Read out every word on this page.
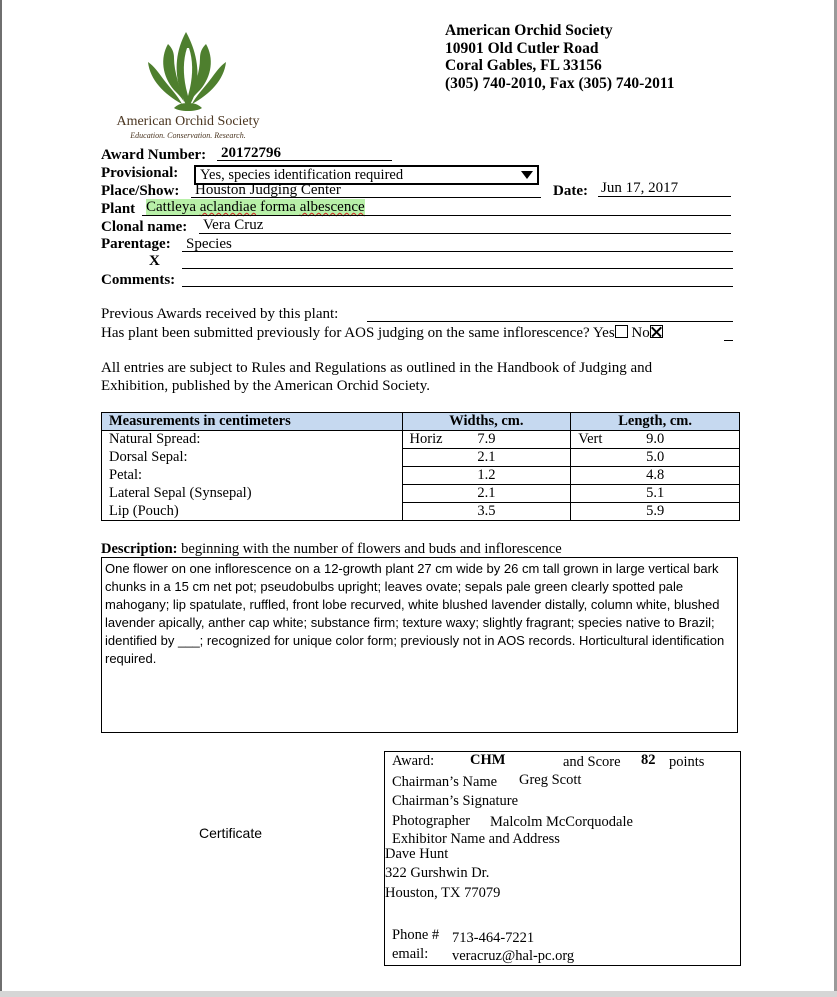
American Orchid Society
Education. Conservation. Research.
American Orchid Society
10901 Old Cutler Road
Coral Gables, FL 33156
(305) 740-2010, Fax (305) 740-2011
Award Number: 20172796
Provisional:	Yes, species identification required
Place/Show: Houston Judging Center	Date: Jun 17, 2017
Plant Cattleya aclandiae forma albescence
Clonal name: Vera Cruz
Parentage: Species
X
Comments:
Previous Awards received by this plant:
Has plant been submitted previously for AOS judging on the same inflorescence? Yes No
All entries are subject to Rules and Regulations as outlined in the Handbook of Judging and
Exhibition, published by the American Orchid Society.
Measurements in centimeters	Widths, cm.	Length, cm.
Natural Spread:	Horiz 7.9	Vert 9.0

Dorsal Sepal:	2.1	5.0

Petal:	1.2	4.8

Lateral Sepal (Synsepal)	2.1	5.1

Lip (Pouch)	3.5	5.9
Description: beginning with the number of flowers and buds and inflorescence
One flower on one inflorescence on a 12-growth plant 27 cm wide by 26 cm tall grown in large vertical bark chunks in a 15 cm net pot; pseudobulbs upright; leaves ovate; sepals pale green clearly spotted pale mahogany; lip spatulate, ruffled, front lobe recurved, white blushed lavender distally, column white, blushed lavender apically, anther cap white; substance firm; texture waxy; slightly fragrant; species native to Brazil; identified by ___; recognized for unique color form; previously not in AOS records. Horticultural identification required.
Certificate
Award: CHM	and Score 82 points
Chairman’s Name Greg Scott
Chairman’s Signature
Photographer Malcolm McCorquodale
Exhibitor Name and Address
Dave Hunt
322 Gurshwin Dr.
Houston, TX 77079
Phone # 713-464-7221
email: veracruz@hal-pc.org
